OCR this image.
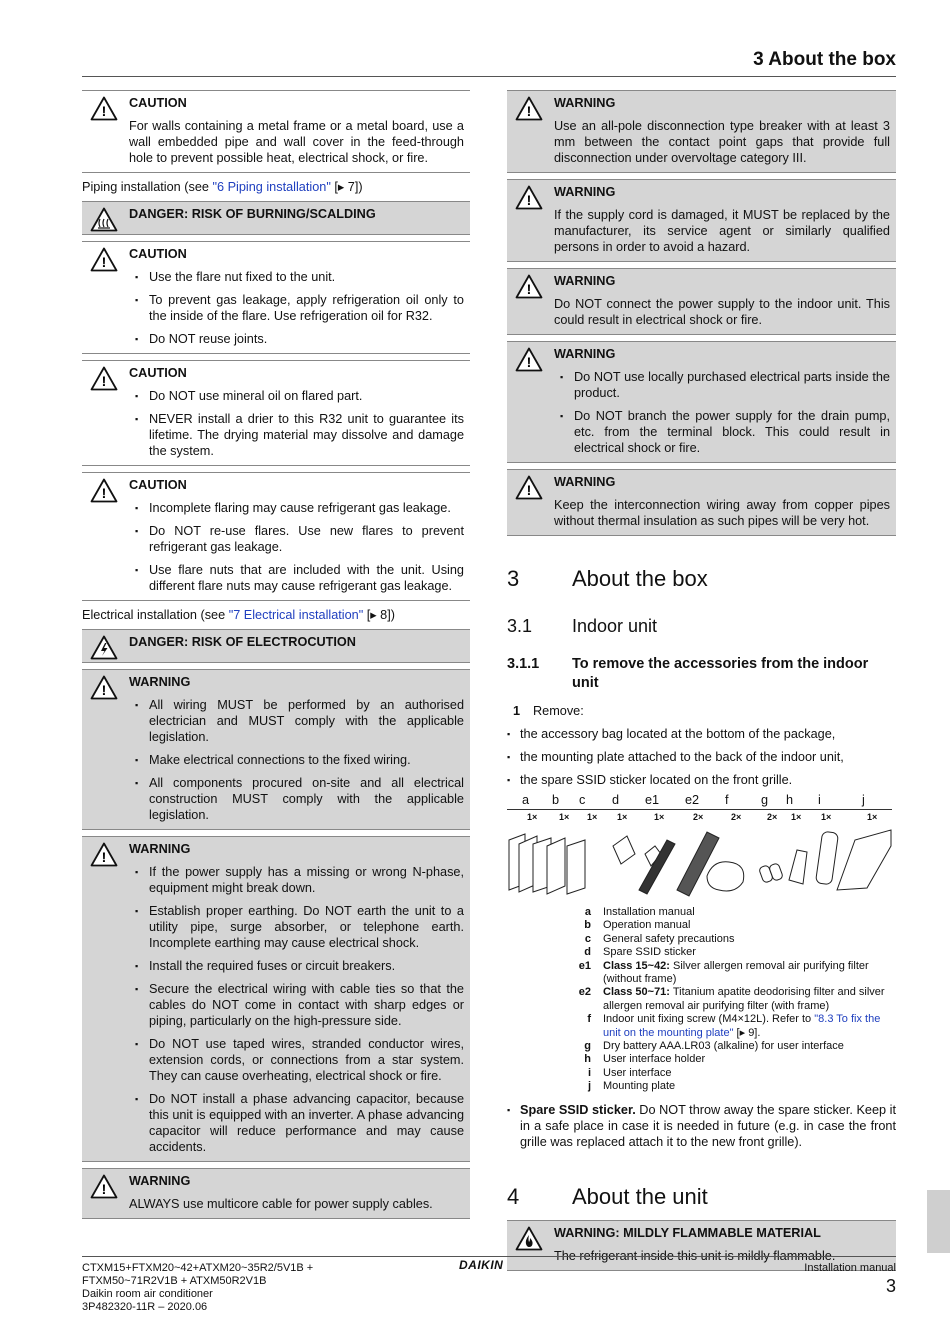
3 About the box
! CAUTION

For walls containing a metal frame or a metal board, use a wall embedded pipe and wall cover in the feed-through hole to prevent possible heat, electrical shock, or fire.

Piping installation (see "6 Piping installation" [▸ 7])
DANGER: RISK OF BURNING/SCALDING
! CAUTION
▪ Use the flare nut fixed to the unit.
▪ To prevent gas leakage, apply refrigeration oil only to the inside of the flare. Use refrigeration oil for R32.
▪ Do NOT reuse joints.
! CAUTION
▪ Do NOT use mineral oil on flared part.
▪ NEVER install a drier to this R32 unit to guarantee its lifetime. The drying material may dissolve and damage the system.
! CAUTION
▪ Incomplete flaring may cause refrigerant gas leakage.
▪ Do NOT re-use flares. Use new flares to prevent refrigerant gas leakage.
▪ Use flare nuts that are included with the unit. Using different flare nuts may cause refrigerant gas leakage.
Electrical installation (see "7 Electrical installation" [▸ 8])
DANGER: RISK OF ELECTROCUTION
! WARNING
▪ All wiring MUST be performed by an authorised electrician and MUST comply with the applicable legislation.
▪ Make electrical connections to the fixed wiring.
▪ All components procured on-site and all electrical construction MUST comply with the applicable legislation.
! WARNING
▪ If the power supply has a missing or wrong N-phase, equipment might break down.
▪ Establish proper earthing. Do NOT earth the unit to a utility pipe, surge absorber, or telephone earth. Incomplete earthing may cause electrical shock.
▪ Install the required fuses or circuit breakers.
▪ Secure the electrical wiring with cable ties so that the cables do NOT come in contact with sharp edges or piping, particularly on the high-pressure side.
▪ Do NOT use taped wires, stranded conductor wires, extension cords, or connections from a star system. They can cause overheating, electrical shock or fire.
▪ Do NOT install a phase advancing capacitor, because this unit is equipped with an inverter. A phase advancing capacitor will reduce performance and may cause accidents.
! WARNING

ALWAYS use multicore cable for power supply cables.

! WARNING

Use an all-pole disconnection type breaker with at least 3 mm between the contact point gaps that provide full disconnection under overvoltage category III.

! WARNING

If the supply cord is damaged, it MUST be replaced by the manufacturer, its service agent or similarly qualified persons in order to avoid a hazard.

! WARNING

Do NOT connect the power supply to the indoor unit. This could result in electrical shock or fire.

! WARNING
▪ Do NOT use locally purchased electrical parts inside the product.
▪ Do NOT branch the power supply for the drain pump, etc. from the terminal block. This could result in electrical shock or fire.
! WARNING

Keep the interconnection wiring away from copper pipes without thermal insulation as such pipes will be very hot.

3 About the box
3.1 Indoor unit
3.1.1 To remove the accessories from the indoor unit
1 Remove:
▪ the accessory bag located at the bottom of the package,
▪ the mounting plate attached to the back of the indoor unit,
▪ the spare SSID sticker located on the front grille.
a b c d e1 e2 f	g h i	j
1× 1× 1× 1×	1×	2×	2×	2× 1× 1×	1×
a	Installation manual
b	Operation manual
c	General safety precautions
d	Spare SSID sticker
e1	Class 15~42: Silver allergen removal air purifying filter (without frame)
e2	Class 50~71: Titanium apatite deodorising filter and silver allergen removal air purifying filter (with frame)
f	Indoor unit fixing screw (M4×12L). Refer to "8.3 To fix the unit on the mounting plate" [▸ 9].
g	Dry battery AAA.LR03 (alkaline) for user interface
h	User interface holder
i	User interface
j	Mounting plate
▪ Spare SSID sticker. Do NOT throw away the spare sticker. Keep it in a safe place in case it is needed in future (e.g. in case the front grille was replaced attach it to the new front grille).
4 About the unit
WARNING: MILDLY FLAMMABLE MATERIAL

The refrigerant inside this unit is mildly flammable.

CTXM15+FTXM20~42+ATXM20~35R2/5V1B +
FTXM50~71R2V1B + ATXM50R2V1B
Daikin room air conditioner
3P482320-11R – 2020.06
DAIKIN	Installation manual
3
